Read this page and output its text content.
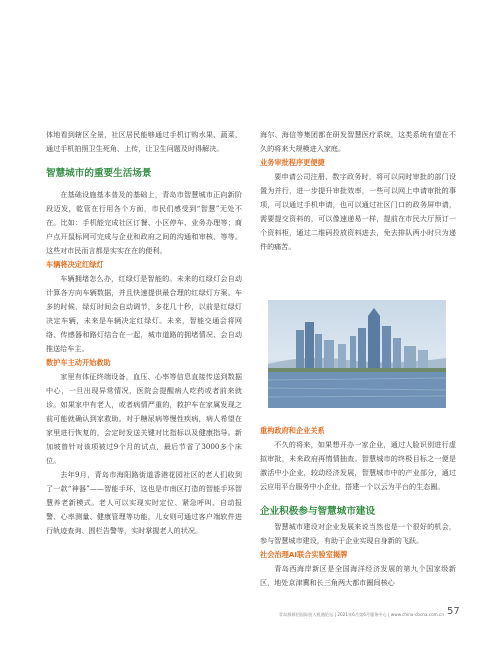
体地看到辖区全景，社区居民能够通过手机订购水果、蔬菜，通过手机拍照卫生死角、上传，让卫生问题及时得解决。

智慧城市的重要生活场景

在基础设施基本普及的基础上，青岛市智慧城市正向新阶段迈发，乾管在行用各个方面，市民们感受到“智慧”无处不在。比如：手机能完成社区订餐、小区停车、业务办理等；商户点开鼠标网可完成与企业和政府之间的沟通和审核、等等。这些对市民而言都是实实在在的便利。

车辆将决定红绿灯

车辆拥堵怎么办，红绿灯是智能的。未来的红绿灯会自动计算各方向车辆数据，并且快速提供最合理的红绿灯方案。车多的时候，绿灯时间会自动调节，多花几十秒，以前是红绿灯决定车辆，未来是车辆决定红绿灯。未来，智能交通会将网络、传感器和路灯结合在一起，城市道路的拥堵情况、会自动推送给车主。

数护车主动开始救助

家里有体征终端设备，血压、心率等信息直接传送到数据中心，一旦出现异常情况，医院会提醒病人吃药或者前来就诊。如果家中有老人，或者病情严重的，救护车在家属发现之前可能就确认到家救助。对于糖尿病等慢性疾病，病人希望在家里进行恢复的，会定时发送关键对比指标以及健康指导。新加坡曾针对该项被过9个月的试点，最后节省了3000多个床位。

去年9月，青岛市海阳路街道香港花园社区的老人们收到了一款“神器”——智能手环，这也是市南区打造的智能手环智慧养老新模式。老人可以实现实时定位、紧急呼叫、自动报警、心率测量、健康管理等功能，儿女则可通过客户端软件进行轨迹查询、围栏告警等，实时掌握老人的状况。

海尔、海信等集团都在研发智慧医疗系统，这类系统有望在不久的将来大规模进入家庭。

业务审批程序更便捷

要申请公司注册、数字政务时，将可以同时审批的部门设置为并行，进一步提升审批效率，一些可以网上申请审批的事项，可以通过手机申请，也可以通过社区门口的政务屏申请，需要提交资料的，可以像速递易一样，提前在市民大厅预订一个资料柜，通过二维码投放资料进去，免去排队两小时只为递件的痛苦。

重构政府和企业关系

不久的将来，如果想开办一家企业，通过人脸识别进行虚拟审批，未来政府再惰情抽查。智慧城市的终极目标之一便是激活中小企业，较动经济发展，智慧城市中的产业部分，通过云应用平台服务中小企业，搭建一个以云为平台的生态圈。

企业积极参与智慧城市建设

智慧城市建设对企业发展来说当然也是一个很好的机会，参与智慧城市建设，有助于企业实现自身新的飞跃。

社会治理AI联合实验室揭牌

青岛西海岸新区是全国海洋经济发展的第九个国家级新区，地处京津冀和长三角两大都市圈间核心

青岛源源招国际投入机遇论坛 | 2021年6月第6月服务中心 | www.china-cbcna.com.cn 57
